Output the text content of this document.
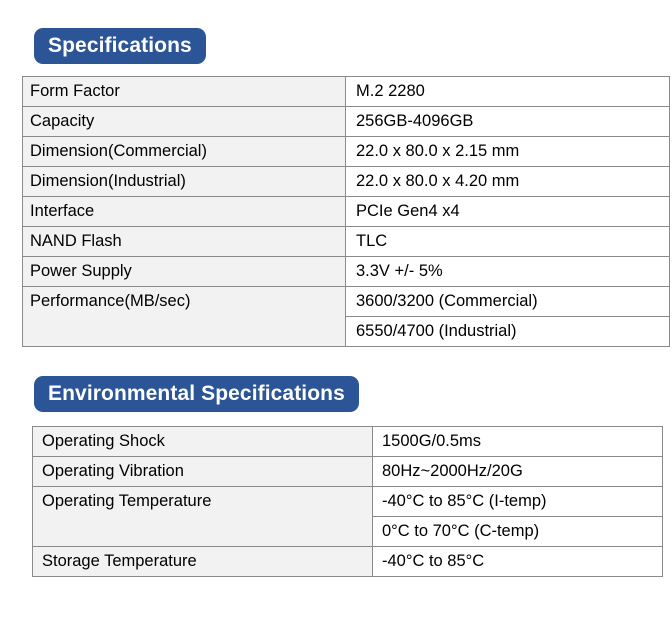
Specifications
Form Factor	M.2 2280
Capacity	256GB-4096GB
Dimension(Commercial)	22.0 x 80.0 x 2.15 mm
Dimension(Industrial)	22.0 x 80.0 x 4.20 mm
Interface	PCIe Gen4 x4
NAND Flash	TLC
Power Supply	3.3V +/- 5%
Performance(MB/sec)	3600/3200 (Commercial)
	6550/4700 (Industrial)
Environmental Specifications
Operating Shock	1500G/0.5ms
Operating Vibration	80Hz~2000Hz/20G
Operating Temperature	-40°C to 85°C (I-temp)
	0°C to 70°C (C-temp)
Storage Temperature	-40°C to 85°C
